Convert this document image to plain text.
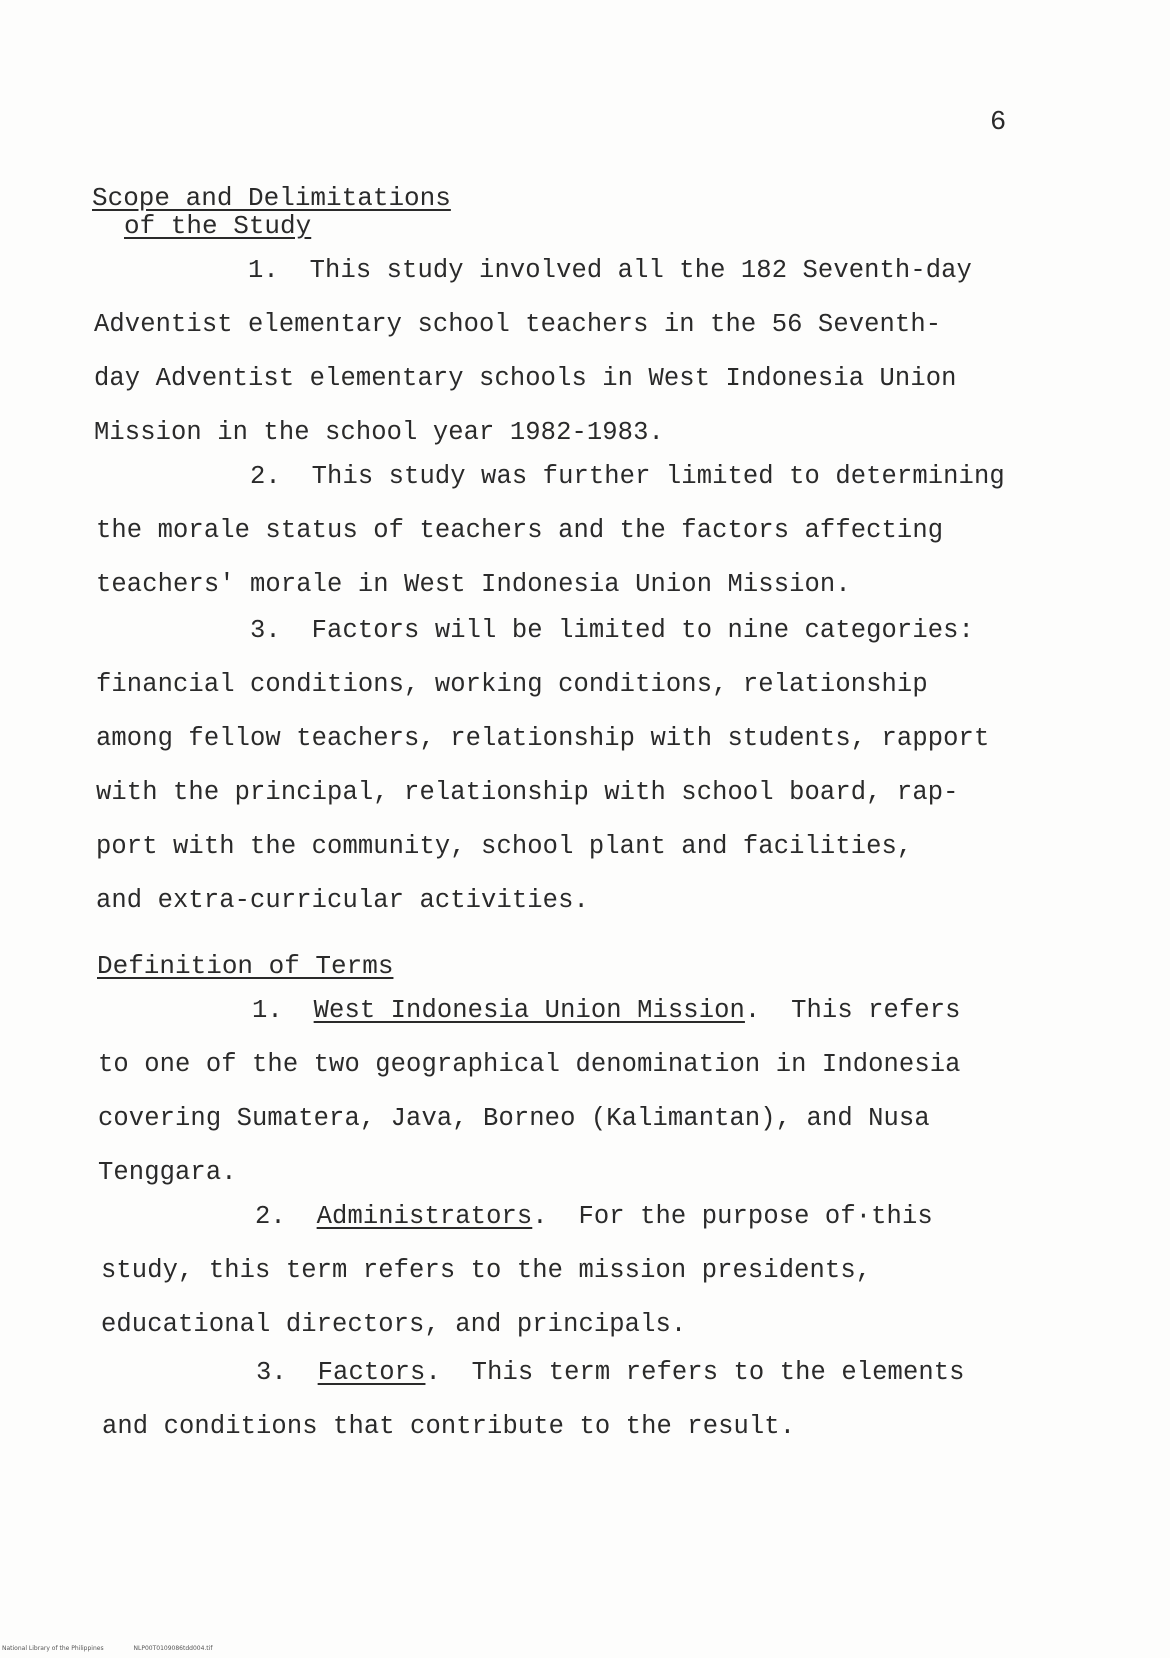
6
Scope and Delimitations
of the Study
1.  This study involved all the 182 Seventh-day
Adventist elementary school teachers in the 56 Seventh-
day Adventist elementary schools in West Indonesia Union
Mission in the school year 1982-1983.
2.  This study was further limited to determining
the morale status of teachers and the factors affecting
teachers' morale in West Indonesia Union Mission.
3.  Factors will be limited to nine categories:
financial conditions, working conditions, relationship
among fellow teachers, relationship with students, rapport
with the principal, relationship with school board, rap-
port with the community, school plant and facilities,
and extra-curricular activities.
Definition of Terms
1.  West Indonesia Union Mission.  This refers
to one of the two geographical denomination in Indonesia
covering Sumatera, Java, Borneo (Kalimantan), and Nusa
Tenggara.
2.  Administrators.  For the purpose of·this
study, this term refers to the mission presidents,
educational directors, and principals.
3.  Factors.  This term refers to the elements
and conditions that contribute to the result.
National Library of the Philippines	NLP00T0109086tdd004.tif
